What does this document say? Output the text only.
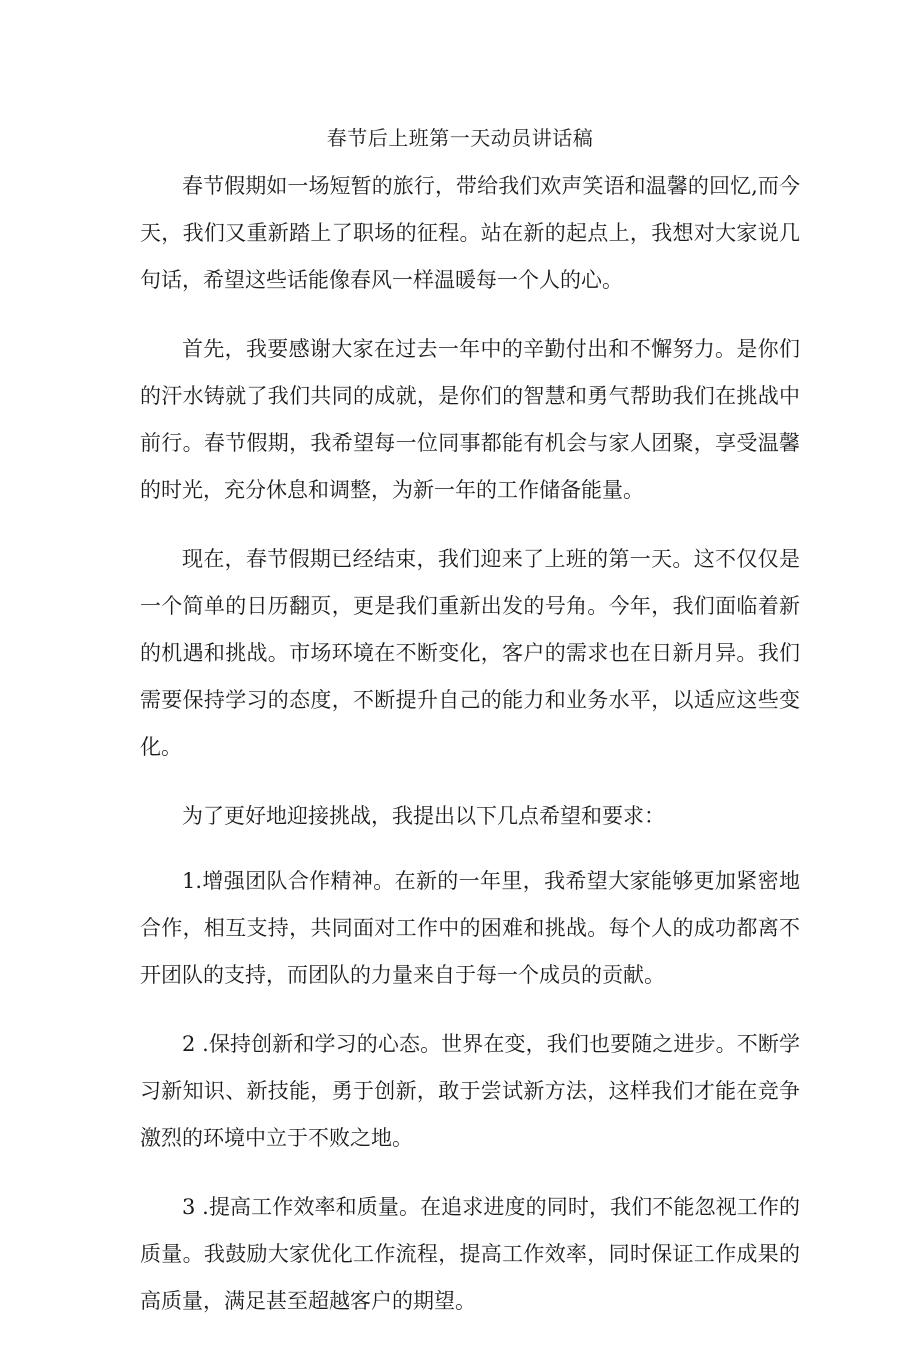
春节后上班第一天动员讲话稿

春节假期如一场短暂的旅行，带给我们欢声笑语和温馨的回忆,而今天，我们又重新踏上了职场的征程。站在新的起点上，我想对大家说几句话，希望这些话能像春风一样温暖每一个人的心。

首先，我要感谢大家在过去一年中的辛勤付出和不懈努力。是你们的汗水铸就了我们共同的成就，是你们的智慧和勇气帮助我们在挑战中前行。春节假期，我希望每一位同事都能有机会与家人团聚，享受温馨的时光，充分休息和调整，为新一年的工作储备能量。

现在，春节假期已经结束，我们迎来了上班的第一天。这不仅仅是一个简单的日历翻页，更是我们重新出发的号角。今年，我们面临着新的机遇和挑战。市场环境在不断变化，客户的需求也在日新月异。我们需要保持学习的态度，不断提升自己的能力和业务水平，以适应这些变化。

为了更好地迎接挑战，我提出以下几点希望和要求：

1.增强团队合作精神。在新的一年里，我希望大家能够更加紧密地合作，相互支持，共同面对工作中的困难和挑战。每个人的成功都离不开团队的支持，而团队的力量来自于每一个成员的贡献。

2 .保持创新和学习的心态。世界在变，我们也要随之进步。不断学习新知识、新技能，勇于创新，敢于尝试新方法，这样我们才能在竞争激烈的环境中立于不败之地。

3 .提高工作效率和质量。在追求进度的同时，我们不能忽视工作的质量。我鼓励大家优化工作流程，提高工作效率，同时保证工作成果的高质量，满足甚至超越客户的期望。
